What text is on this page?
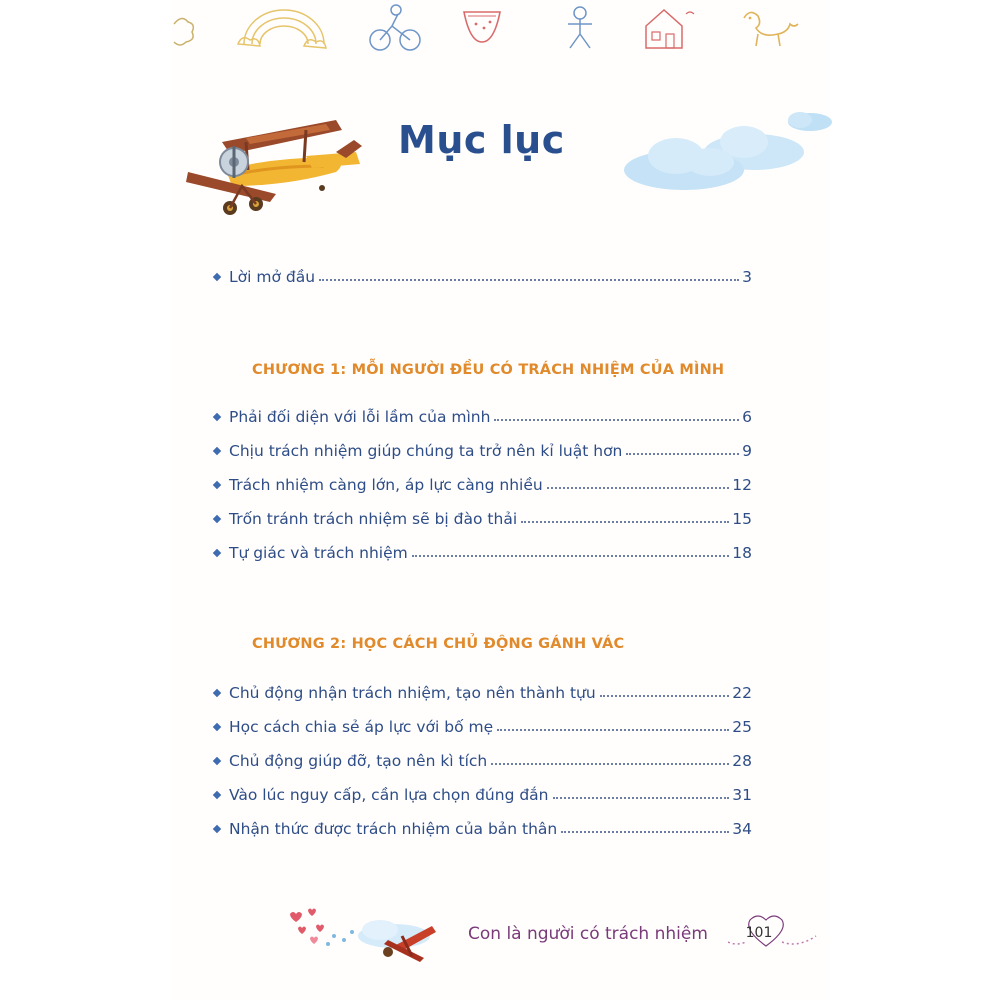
Mục lục
Lời mở đầu	3
CHƯƠNG 1: MỖI NGƯỜI ĐỀU CÓ TRÁCH NHIỆM CỦA MÌNH
Phải đối diện với lỗi lầm của mình	6
Chịu trách nhiệm giúp chúng ta trở nên kỉ luật hơn	9
Trách nhiệm càng lớn, áp lực càng nhiều	12
Trốn tránh trách nhiệm sẽ bị đào thải	15
Tự giác và trách nhiệm	18
CHƯƠNG 2: HỌC CÁCH CHỦ ĐỘNG GÁNH VÁC
Chủ động nhận trách nhiệm, tạo nên thành tựu	22
Học cách chia sẻ áp lực với bố mẹ	25
Chủ động giúp đỡ, tạo nên kì tích	28
Vào lúc nguy cấp, cần lựa chọn đúng đắn	31
Nhận thức được trách nhiệm của bản thân	34
Con là người có trách nhiệm	101
